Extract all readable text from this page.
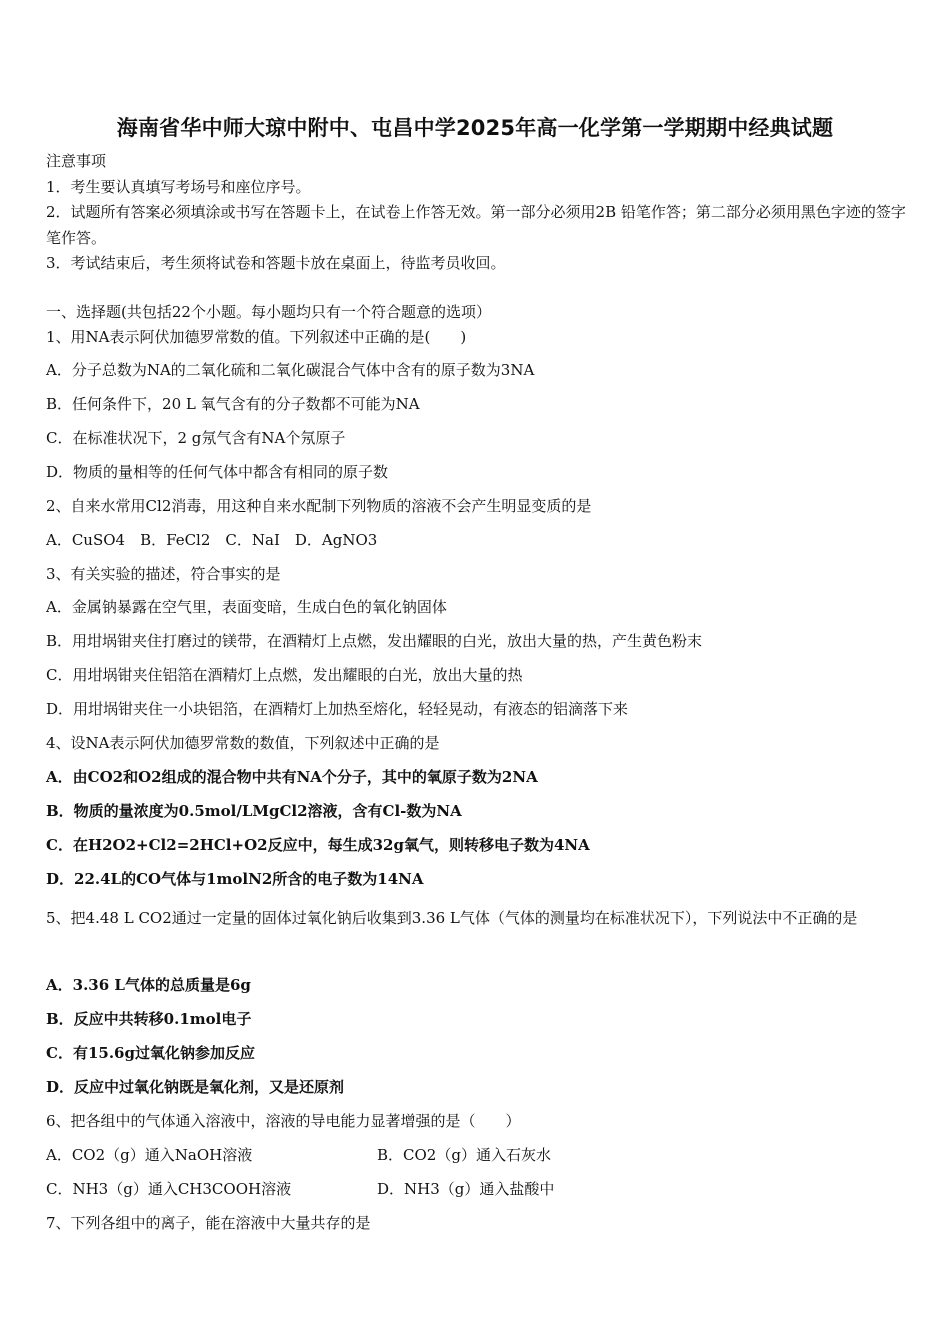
海南省华中师大琼中附中、屯昌中学2025年高一化学第一学期期中经典试题
注意事项
1．考生要认真填写考场号和座位序号。
2．试题所有答案必须填涂或书写在答题卡上，在试卷上作答无效。第一部分必须用2B 铅笔作答；第二部分必须用黑色字迹的签字笔作答。
3．考试结束后，考生须将试卷和答题卡放在桌面上，待监考员收回。
一、选择题(共包括22个小题。每小题均只有一个符合题意的选项）
1、用NA表示阿伏加德罗常数的值。下列叙述中正确的是(　　)
A．分子总数为NA的二氧化硫和二氧化碳混合气体中含有的原子数为3NA
B．任何条件下，20 L 氧气含有的分子数都不可能为NA
C．在标准状况下，2 g氖气含有NA个氖原子
D．物质的量相等的任何气体中都含有相同的原子数
2、自来水常用Cl2消毒，用这种自来水配制下列物质的溶液不会产生明显变质的是
A．CuSO4　B．FeCl2　C．NaI　D．AgNO3
3、有关实验的描述，符合事实的是
A．金属钠暴露在空气里，表面变暗，生成白色的氧化钠固体
B．用坩埚钳夹住打磨过的镁带，在酒精灯上点燃，发出耀眼的白光，放出大量的热，产生黄色粉末
C．用坩埚钳夹住铝箔在酒精灯上点燃，发出耀眼的白光，放出大量的热
D．用坩埚钳夹住一小块铝箔，在酒精灯上加热至熔化，轻轻晃动，有液态的铝滴落下来
4、设NA表示阿伏加德罗常数的数值，下列叙述中正确的是
A．由CO2和O2组成的混合物中共有NA个分子，其中的氧原子数为2NA
B．物质的量浓度为0.5mol/LMgCl2溶液，含有Cl-数为NA
C．在H2O2+Cl2=2HCl+O2反应中，每生成32g氧气，则转移电子数为4NA
D．22.4L的CO气体与1molN2所含的电子数为14NA
5、把4.48 L CO2通过一定量的固体过氧化钠后收集到3.36 L气体（气体的测量均在标准状况下），下列说法中不正确的是
A．3.36 L气体的总质量是6g
B．反应中共转移0.1mol电子
C．有15.6g过氧化钠参加反应
D．反应中过氧化钠既是氧化剂，又是还原剂
6、把各组中的气体通入溶液中，溶液的导电能力显著增强的是（　　）
A．CO2（g）通入NaOH溶液	B．CO2（g）通入石灰水
C．NH3（g）通入CH3COOH溶液	D．NH3（g）通入盐酸中
7、下列各组中的离子，能在溶液中大量共存的是
